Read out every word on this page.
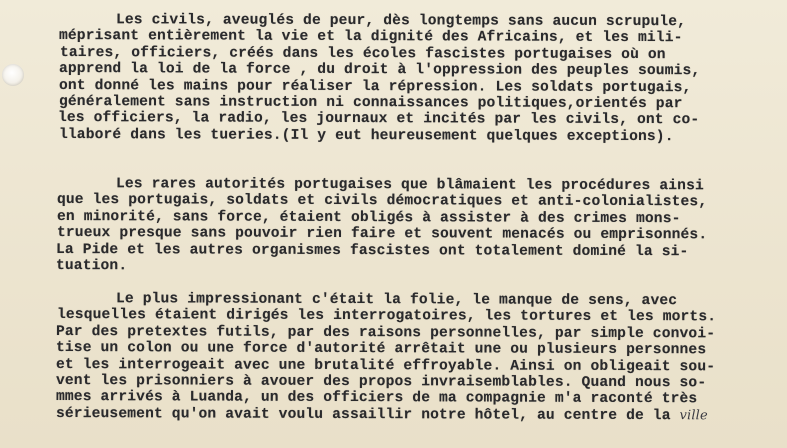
Les civils, aveuglés de peur, dès longtemps sans aucun scrupule,
méprisant entièrement la vie et la dignité des Africains, et les mili-
taires, officiers, créés dans les écoles fascistes portugaises où on
apprend la loi de la force , du droit à l'oppression des peuples soumis,
ont donné les mains pour réaliser la répression. Les soldats portugais,
généralement sans instruction ni connaissances politiques,orientés par
les officiers, la radio, les journaux et incités par les civils, ont co-
llaboré dans les tueries.(Il y eut heureusement quelques exceptions).
Les rares autorités portugaises que blâmaient les procédures ainsi
que les portugais, soldats et civils démocratiques et anti-colonialistes,
en minorité, sans force, étaient obligés à assister à des crimes mons-
trueux presque sans pouvoir rien faire et souvent menacés ou emprisonnés.
La Pide et les autres organismes fascistes ont totalement dominé la si-
tuation.
Le plus impressionant c'était la folie, le manque de sens, avec
lesquelles étaient dirigés les interrogatoires, les tortures et les morts.
Par des pretextes futils, par des raisons personnelles, par simple convoi-
tise un colon ou une force d'autorité arrêtait une ou plusieurs personnes
et les interrogeait avec une brutalité effroyable. Ainsi on obligeait sou-
vent les prisonniers à avouer des propos invraisemblables. Quand nous so-
mmes arrivés à Luanda, un des officiers de ma compagnie m'a raconté très
sérieusement qu'on avait voulu assaillir notre hôtel, au centre de la ville
